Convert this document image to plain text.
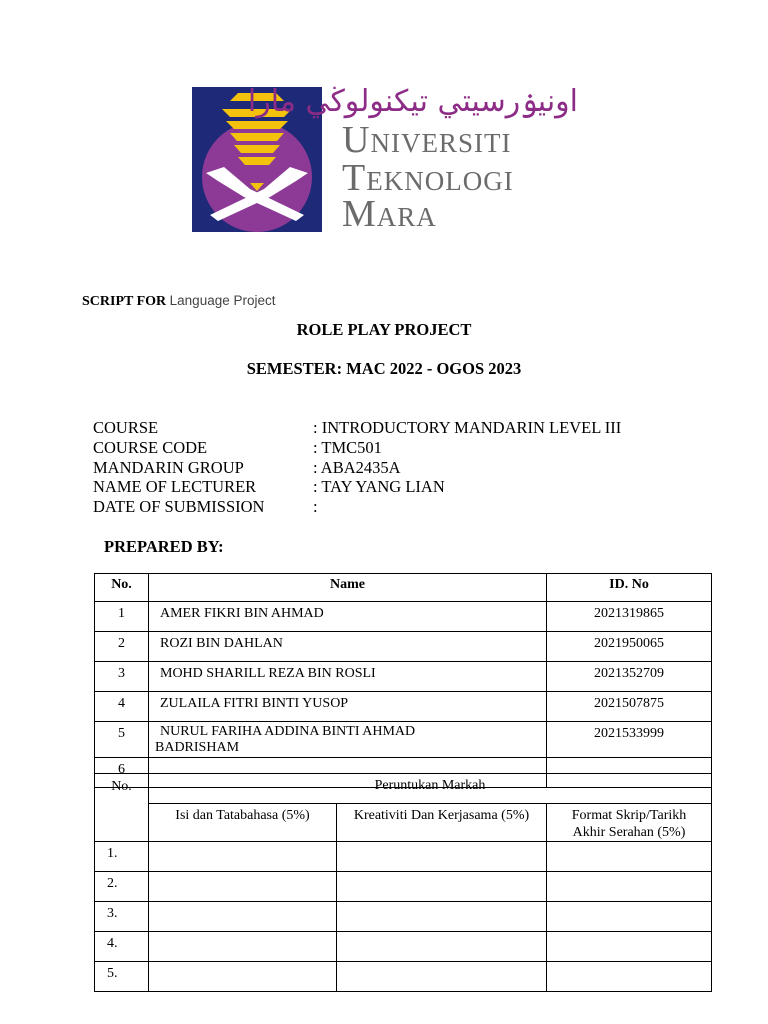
اونيۏرسيتي تيكنولوڬي مارا
UNIVERSITI
TEKNOLOGI
MARA
SCRIPT FOR Language Project
ROLE PLAY PROJECT
SEMESTER: MAC 2022 - OGOS 2023
COURSE	: INTRODUCTORY MANDARIN LEVEL III
COURSE CODE	: TMC501
MANDARIN GROUP	: ABA2435A
NAME OF LECTURER	: TAY YANG LIAN
DATE OF SUBMISSION	:
PREPARED BY:
No.	Name	ID. No
1	AMER FIKRI BIN AHMAD	2021319865
2	ROZI BIN DAHLAN	2021950065
3	MOHD SHARILL REZA BIN ROSLI	2021352709
4	ZULAILA FITRI BINTI YUSOP	2021507875
5	NURUL FARIHA ADDINA BINTI AHMAD
BADRISHAM	2021533999
6		
No.	Peruntukan Markah		
	Isi dan Tatabahasa (5%)	Kreativiti Dan Kerjasama (5%)	Format Skrip/Tarikh
Akhir Serahan (5%)

1.			
2.			
3.			
4.			
5.			
